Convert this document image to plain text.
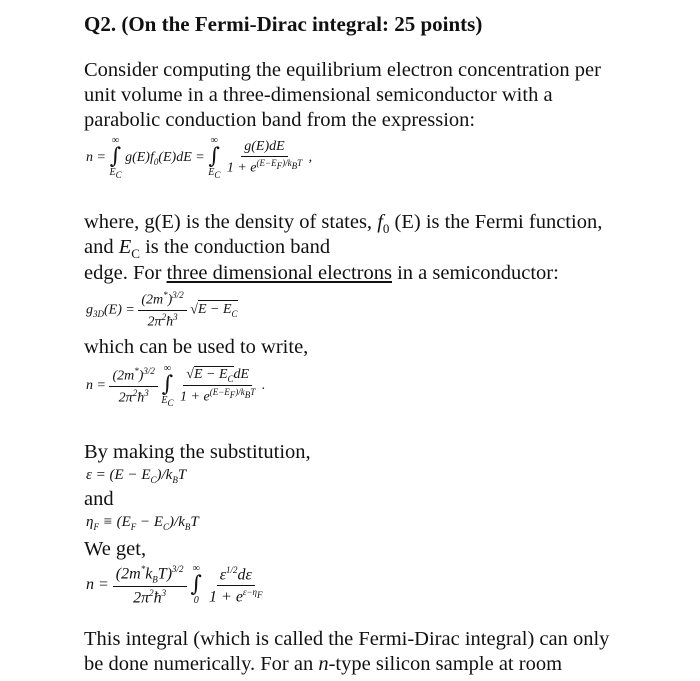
Q2. (On the Fermi-Dirac integral: 25 points)
Consider computing the equilibrium electron concentration per
unit volume in a three-dimensional semiconductor with a
parabolic conduction band from the expression:
n =
∞
∫
EC
$g(E)f_0(E)dE$ =
∞
∫
EC
$\frac{g(E)dE}{1 + e^{(E-EF)/kBT}}$ ,
where, g(E) is the density of states, $f_0$ (E) is the Fermi function,
and $E_C$ is the conduction band
edge. For three dimensional electrons in a semiconductor:
$g_{3D}(E) = \frac{(2m^*)^{3/2}}{2\pi^2ħ^3} √E - E_C$
which can be used to write,
$n = \frac{(2m^*)^{3/2}}{2\pi^2ħ^3}$
∞
∫
EC
$\frac{√E - E_CdE}{1 + e^{(E-EF)/kBT}}$ .
By making the substitution,
$\varepsilon = (E - E_C)/k_BT$
and
$\eta_F \equiv (E_F - E_C)/k_BT$
We get,
$n = \frac{(2m^*k_BT)^{3/2}}{2\pi^2ħ^3}$
∞
∫
0
$\frac{\varepsilon^{1/2}d\varepsilon}{1 + e^{\varepsilon-\eta F}}$
This integral (which is called the Fermi-Dirac integral) can only
be done numerically. For an n-type silicon sample at room
